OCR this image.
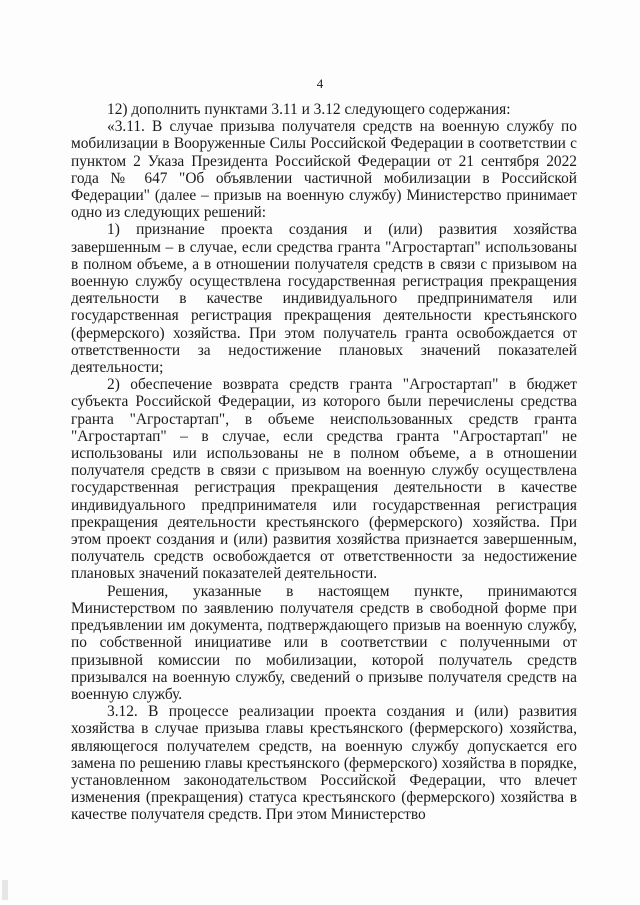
4

12) дополнить пунктами 3.11 и 3.12 следующего содержания:

«3.11. В случае призыва получателя средств на военную службу по мобилизации в Вооруженные Силы Российской Федерации в соответствии с пунктом 2 Указа Президента Российской Федерации от 21 сентября 2022 года № 647 "Об объявлении частичной мобилизации в Российской Федерации" (далее – призыв на военную службу) Министерство принимает одно из следующих решений:

1) признание проекта создания и (или) развития хозяйства завершенным – в случае, если средства гранта "Агростартап" использованы в полном объеме, а в отношении получателя средств в связи с призывом на военную службу осуществлена государственная регистрация прекращения деятельности в качестве индивидуального предпринимателя или государственная регистрация прекращения деятельности крестьянского (фермерского) хозяйства. При этом получатель гранта освобождается от ответственности за недостижение плановых значений показателей деятельности;

2) обеспечение возврата средств гранта "Агростартап" в бюджет субъекта Российской Федерации, из которого были перечислены средства гранта "Агростартап", в объеме неиспользованных средств гранта "Агростартап" – в случае, если средства гранта "Агростартап" не использованы или использованы не в полном объеме, а в отношении получателя средств в связи с призывом на военную службу осуществлена государственная регистрация прекращения деятельности в качестве индивидуального предпринимателя или государственная регистрация прекращения деятельности крестьянского (фермерского) хозяйства. При этом проект создания и (или) развития хозяйства признается завершенным, получатель средств освобождается от ответственности за недостижение плановых значений показателей деятельности.

Решения, указанные в настоящем пункте, принимаются Министерством по заявлению получателя средств в свободной форме при предъявлении им документа, подтверждающего призыв на военную службу, по собственной инициативе или в соответствии с полученными от призывной комиссии по мобилизации, которой получатель средств призывался на военную службу, сведений о призыве получателя средств на военную службу.

3.12. В процессе реализации проекта создания и (или) развития хозяйства в случае призыва главы крестьянского (фермерского) хозяйства, являющегося получателем средств, на военную службу допускается его замена по решению главы крестьянского (фермерского) хозяйства в порядке, установленном законодательством Российской Федерации, что влечет изменения (прекращения) статуса крестьянского (фермерского) хозяйства в качестве получателя средств. При этом Министерство
